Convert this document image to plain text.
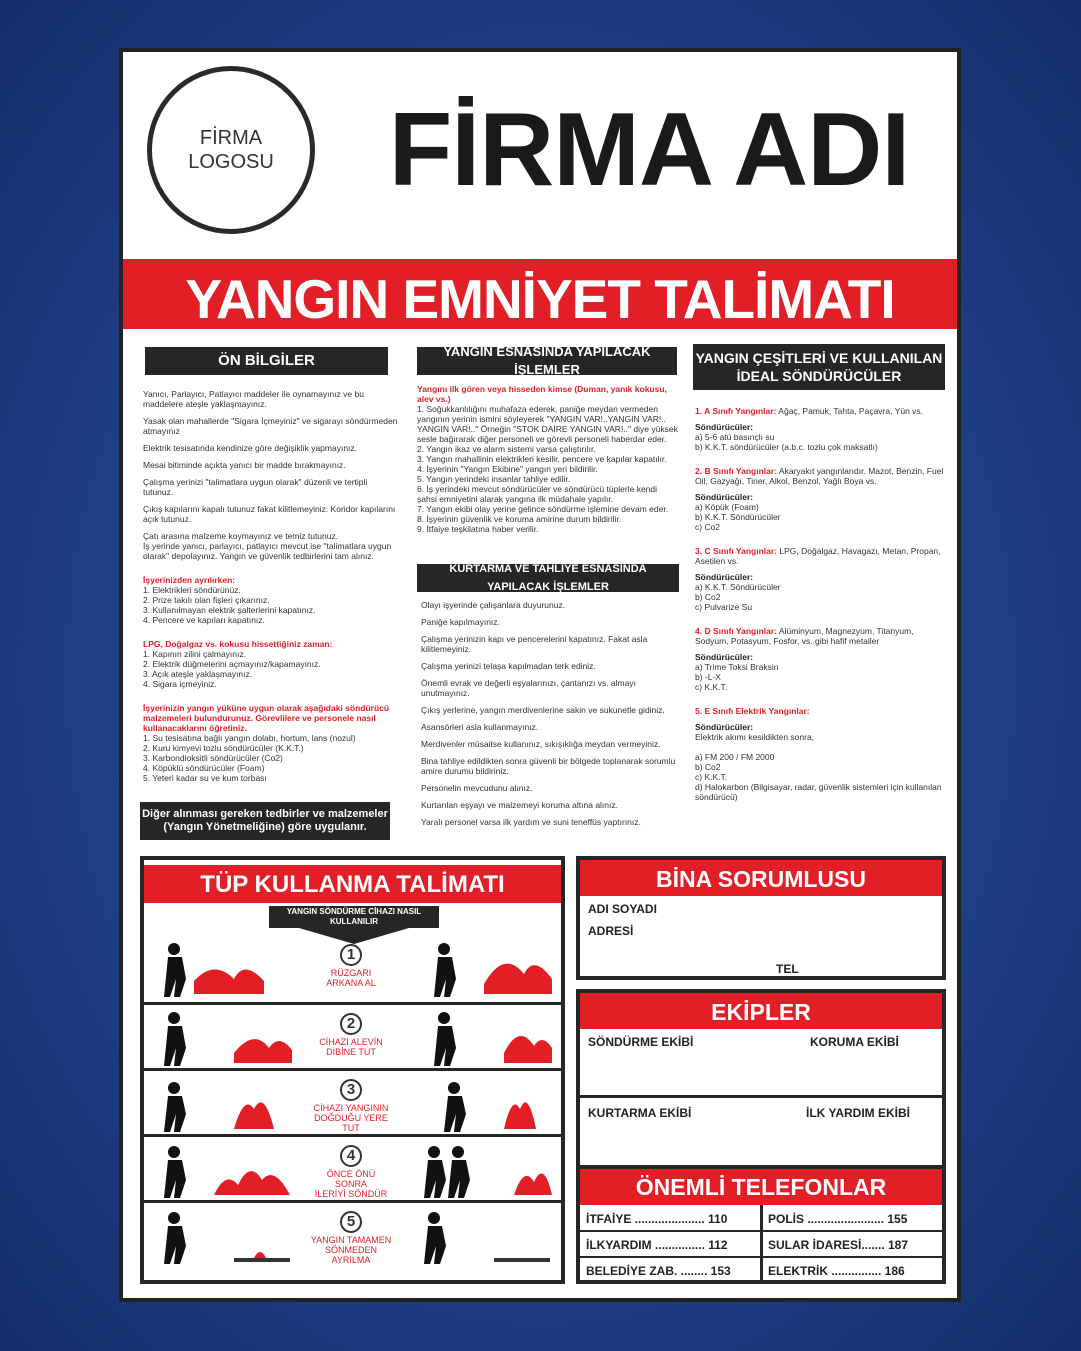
FİRMA
LOGOSU	FİRMA ADI
YANGIN EMNİYET TALİMATI
ÖN BİLGİLER

Yanıcı, Parlayıcı, Patlayıcı maddeler ile oynamayınız ve bu maddelere ateşle yaklaşmayınız.

Yasak olan mahallerde "Sigara İçmeyiniz" ve sigarayı söndürmeden atmayınız

Elektrik tesisatında kendinize göre değişiklik yapmayınız.

Mesai bitiminde açıkta yanıcı bir madde bırakmayınız.

Çalışma yerinizi "talimatlara uygun olarak" düzenli ve tertipli tutunuz.

Çıkış kapılarını kapalı tutunuz fakat kilitlemeyiniz. Koridor kapılarını açık tutunuz.

Çatı arasına malzeme koymayınız ve temiz tutunuz.
İş yerinde yanıcı, parlayıcı, patlayıcı mevcut ise "talimatlara uygun olarak" depolayınız. Yangın ve güvenlik tedbirlerini tam alınız.

İşyerinizden ayrılırken:

1. Elektrikleri söndürünüz.
2. Prize takılı olan fişleri çıkarınız.
3. Kullanılmayan elektrik şalterlerini kapatınız.
4. Pencere ve kapıları kapatınız.

LPG, Doğalgaz vs. kokusu hissettiğiniz zaman:

1. Kapının zilini çalmayınız.
2. Elektrik düğmelerini açmayınız/kapamayınız.
3. Açık ateşle yaklaşmayınız.
4. Sigara içmeyiniz.

İşyerinizin yangın yüküne uygun olarak aşağıdaki söndürücü malzemeleri bulundurunuz. Görevlilere ve personele nasıl kullanacaklarını öğretiniz.

1. Su tesisatına bağlı yangın dolabı, hortum, lans (nozul)
2. Kuru kimyevi tozlu söndürücüler (K.K.T.)
3. Karbondioksitli söndürücüler (Co2)
4. Köpüklü söndürücüler (Foam)
5. Yeteri kadar su ve kum torbası

Diğer alınması gereken tedbirler ve malzemeler (Yangın Yönetmeliğine) göre uygulanır.
YANGIN ESNASINDA YAPILACAK İŞLEMLER
Yangını ilk gören veya hisseden kimse (Duman, yanık kokusu, alev vs.)

1. Soğukkanlılığını muhafaza ederek, paniğe meydan vermeden yangının yerinin ismini söyleyerek "YANGIN VAR!..YANGIN VAR!.. YANGIN VAR!.." Örneğin "STOK DAİRE YANGIN VAR!.." diye yüksek sesle bağırarak diğer personeli ve görevli personeli haberdar eder.
2. Yangın ikaz ve alarm sistemi varsa çalıştırılır.
3. Yangın mahallinin elektrikleri kesilir, pencere ve kapılar kapatılır.
4. İşyerinin "Yangın Ekibine" yangın yeri bildirilir.
5. Yangın yerindeki insanlar tahliye edilir.
6. İş yerindeki mevcut söndürücüler ve söndürücü tüplerle kendi şahsi emniyetini alarak yangına ilk müdahale yapılır.
7. Yangın ekibi olay yerine gelince söndürme işlemine devam eder.
8. İşyerinin güvenlik ve koruma amirine durum bildirilir.
9. İtfaiye teşkilatına haber verilir.

KURTARMA VE TAHLİYE ESNASINDA YAPILACAK İŞLEMLER

Olayı işyerinde çalışanlara duyurunuz.

Paniğe kapılmayınız.

Çalışma yerinizin kapı ve pencerelerini kapatınız. Fakat asla kilitlemeyiniz.

Çalışma yerinizi telaşa kapılmadan terk ediniz.

Önemli evrak ve değerli eşyalarınızı, çantanızı vs. almayı unutmayınız.

Çıkış yerlerine, yangın merdivenlerine sakin ve sukunetle gidiniz.

Asansörleri asla kullanmayınız.

Merdivenler müsaitse kullanınız, sıkışıklığa meydan vermeyiniz.

Bina tahliye edildikten sonra güvenli bir bölgede toplanarak sorumlu amire durumu bildiriniz.

Personelin mevcudunu alınız.

Kurtarılan eşyayı ve malzemeyi koruma altına alınız.

Yaralı personel varsa ilk yardım ve suni teneffüs yaptırınız.

YANGIN ÇEŞİTLERİ VE KULLANILAN İDEAL SÖNDÜRÜCÜLER

1. A Sınıfı Yangınlar: Ağaç, Pamuk, Tahta, Paçavra, Yün vs.

Söndürücüler:

a) 5-6 atü basınçlı su
b) K.K.T. söndürücüler (a.b.c. tozlu çok maksatlı)

2. B Sınıfı Yangınlar: Akaryakıt yangınlarıdır. Mazot, Benzin, Fuel Oil, Gazyağı, Tiner, Alkol, Benzol, Yağlı Boya vs.

Söndürücüler:

a) Köpük (Foam)
b) K.K.T. Söndürücüler
c) Co2

3. C Sınıfı Yangınlar: LPG, Doğalgaz, Havagazı, Metan, Propan, Asetilen vs.

Söndürücüler:

a) K.K.T. Söndürücüler
b) Co2
c) Pulvarize Su

4. D Sınıfı Yangınlar: Alüminyum, Magnezyum, Titanyum, Sodyum, Potasyum, Fosfor, vs. gibi hafif metaller

Söndürücüler:

a) Trime Toksi Braksin
b) -L-X
c) K.K.T.

5. E Sınıfı Elektrik Yangınlar:

Söndürücüler:

Elektrik akımı kesildikten sonra,

a) FM 200 / FM 2000
b) Co2
c) K.K.T.
d) Halokarbon (Bilgisayar, radar, güvenlik sistemleri için kullanılan söndürücü)

TÜP KULLANMA TALİMATI
YANGIN SÖNDÜRME CİHAZI NASIL KULLANILIR
1
RÜZGARI
ARKANA AL
2
CİHAZI ALEVİN
DİBİNE TUT
3
CİHAZI YANGININ
DOĞDUĞU YERE
TUT
4
ÖNCE ÖNÜ
SONRA
İLERİYİ SÖNDÜR
5
YANGIN TAMAMEN
SÖNMEDEN
AYRILMA
BİNA SORUMLUSU
ADI SOYADI
ADRESİ
TEL
EKİPLER
SÖNDÜRME EKİBİ	KORUMA EKİBİ
KURTARMA EKİBİ	İLK YARDIM EKİBİ
ÖNEMLİ TELEFONLAR
İTFAİYE ..................... 110	POLİS ....................... 155
İLKYARDIM ............... 112	SULAR İDARESİ....... 187
BELEDİYE ZAB. ........ 153	ELEKTRİK ............... 186
